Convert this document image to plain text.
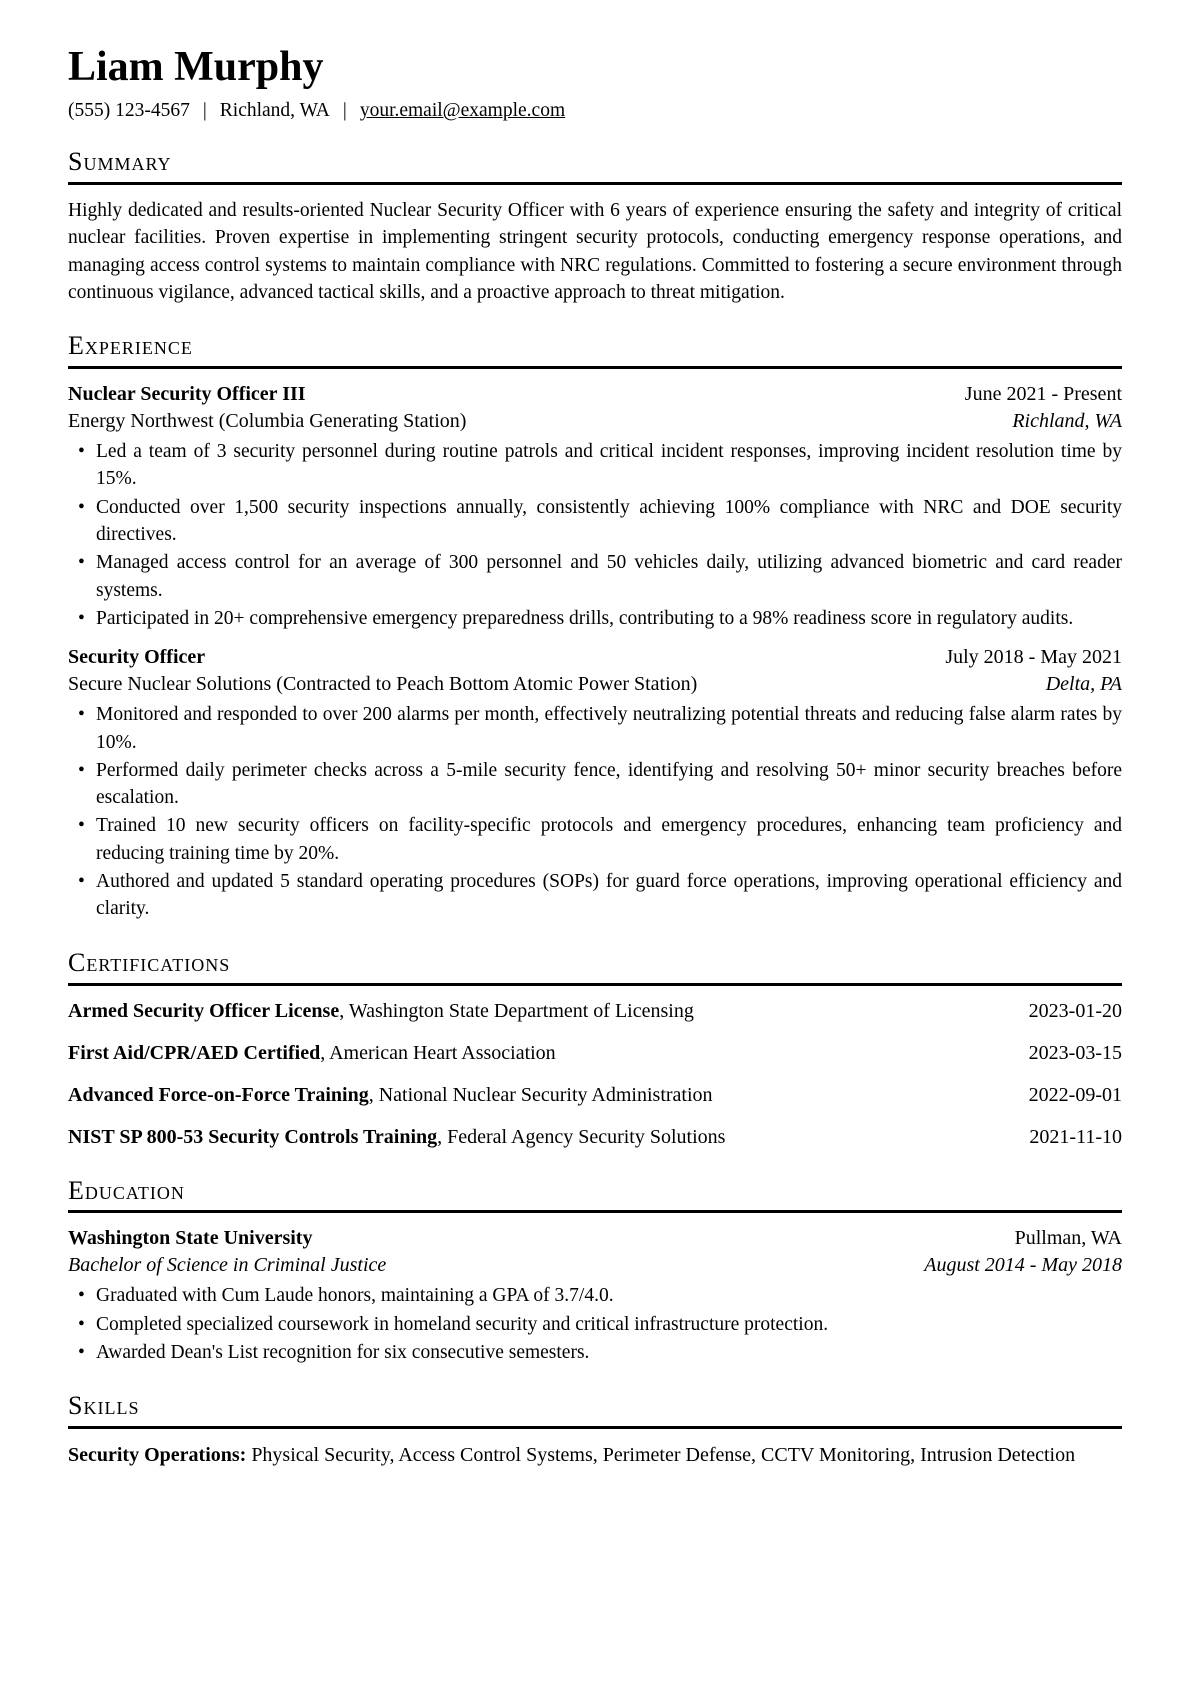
Liam Murphy
(555) 123-4567 | Richland, WA | your.email@example.com
Summary

Highly dedicated and results-oriented Nuclear Security Officer with 6 years of experience ensuring the safety and integrity of critical nuclear facilities. Proven expertise in implementing stringent security protocols, conducting emergency response operations, and managing access control systems to maintain compliance with NRC regulations. Committed to fostering a secure environment through continuous vigilance, advanced tactical skills, and a proactive approach to threat mitigation.

Experience
Nuclear Security Officer III	June 2021 - Present
Energy Northwest (Columbia Generating Station)	Richland, WA
• Led a team of 3 security personnel during routine patrols and critical incident responses, improving incident resolution time by 15%.
• Conducted over 1,500 security inspections annually, consistently achieving 100% compliance with NRC and DOE security directives.
• Managed access control for an average of 300 personnel and 50 vehicles daily, utilizing advanced biometric and card reader systems.
• Participated in 20+ comprehensive emergency preparedness drills, contributing to a 98% readiness score in regulatory audits.
Security Officer	July 2018 - May 2021
Secure Nuclear Solutions (Contracted to Peach Bottom Atomic Power Station)	Delta, PA
• Monitored and responded to over 200 alarms per month, effectively neutralizing potential threats and reducing false alarm rates by 10%.
• Performed daily perimeter checks across a 5-mile security fence, identifying and resolving 50+ minor security breaches before escalation.
• Trained 10 new security officers on facility-specific protocols and emergency procedures, enhancing team proficiency and reducing training time by 20%.
• Authored and updated 5 standard operating procedures (SOPs) for guard force operations, improving operational efficiency and clarity.
Certifications
Armed Security Officer License, Washington State Department of Licensing	2023-01-20
First Aid/CPR/AED Certified, American Heart Association	2023-03-15
Advanced Force-on-Force Training, National Nuclear Security Administration	2022-09-01
NIST SP 800-53 Security Controls Training, Federal Agency Security Solutions	2021-11-10
Education
Washington State University	Pullman, WA
Bachelor of Science in Criminal Justice	August 2014 - May 2018
• Graduated with Cum Laude honors, maintaining a GPA of 3.7/4.0.
• Completed specialized coursework in homeland security and critical infrastructure protection.
• Awarded Dean's List recognition for six consecutive semesters.
Skills

Security Operations: Physical Security, Access Control Systems, Perimeter Defense, CCTV Monitoring, Intrusion Detection
